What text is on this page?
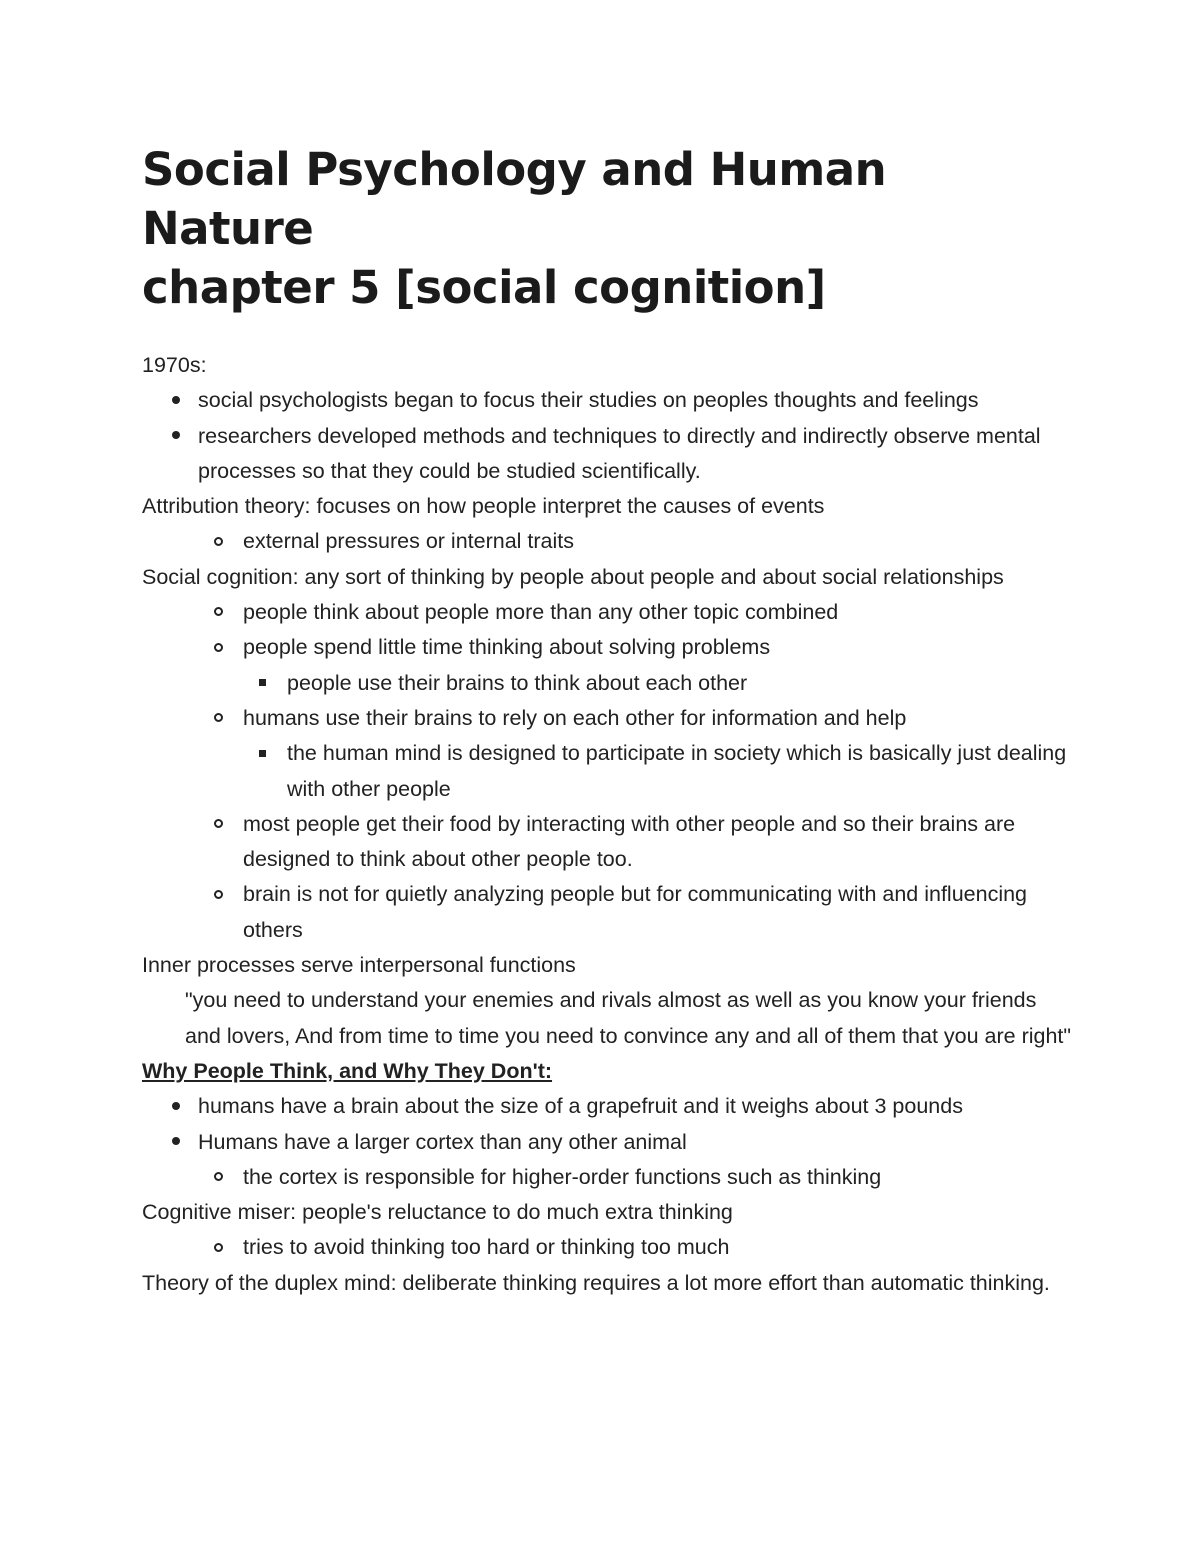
Social Psychology and Human Nature
chapter 5 [social cognition]

1970s:

social psychologists began to focus their studies on peoples thoughts and feelings

researchers developed methods and techniques to directly and indirectly observe mental processes so that they could be studied scientifically.

Attribution theory: focuses on how people interpret the causes of events

external pressures or internal traits

Social cognition: any sort of thinking by people about people and about social relationships

people think about people more than any other topic combined

people spend little time thinking about solving problems

people use their brains to think about each other

humans use their brains to rely on each other for information and help

the human mind is designed to participate in society which is basically just dealing with other people

most people get their food by interacting with other people and so their brains are designed to think about other people too.

brain is not for quietly analyzing people but for communicating with and influencing others

Inner processes serve interpersonal functions

"you need to understand your enemies and rivals almost as well as you know your friends and lovers, And from time to time you need to convince any and all of them that you are right"

Why People Think, and Why They Don't:

humans have a brain about the size of a grapefruit and it weighs about 3 pounds

Humans have a larger cortex than any other animal

the cortex is responsible for higher-order functions such as thinking

Cognitive miser: people's reluctance to do much extra thinking

tries to avoid thinking too hard or thinking too much

Theory of the duplex mind: deliberate thinking requires a lot more effort than automatic thinking.
